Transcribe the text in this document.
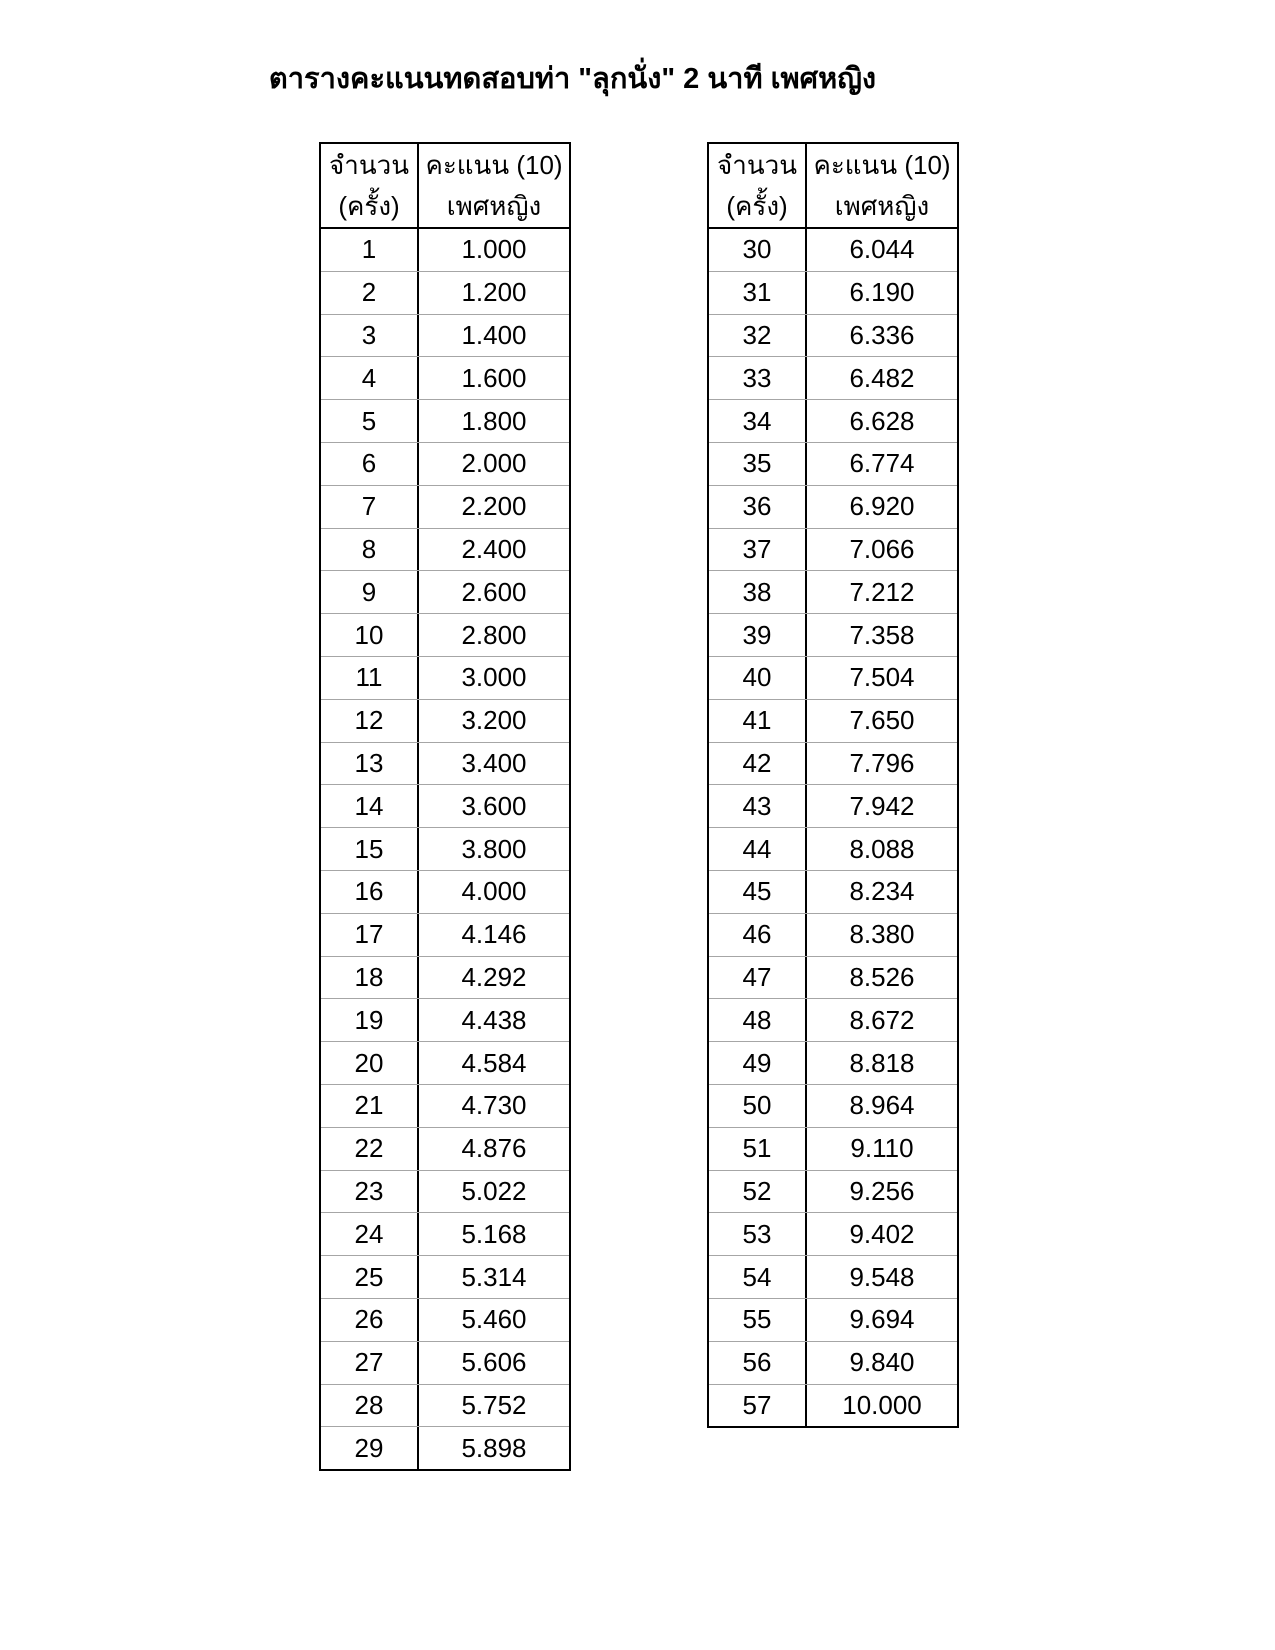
ตารางคะแนนทดสอบท่า "ลุกนั่ง" 2 นาที เพศหญิง
จำนวน
(ครั้ง)
คะแนน (10)
เพศหญิง
1	1.000
2	1.200
3	1.400
4	1.600
5	1.800
6	2.000
7	2.200
8	2.400
9	2.600
10	2.800
11	3.000
12	3.200
13	3.400
14	3.600
15	3.800
16	4.000
17	4.146
18	4.292
19	4.438
20	4.584
21	4.730
22	4.876
23	5.022
24	5.168
25	5.314
26	5.460
27	5.606
28	5.752
29	5.898
จำนวน
(ครั้ง)
คะแนน (10)
เพศหญิง
30	6.044
31	6.190
32	6.336
33	6.482
34	6.628
35	6.774
36	6.920
37	7.066
38	7.212
39	7.358
40	7.504
41	7.650
42	7.796
43	7.942
44	8.088
45	8.234
46	8.380
47	8.526
48	8.672
49	8.818
50	8.964
51	9.110
52	9.256
53	9.402
54	9.548
55	9.694
56	9.840
57	10.000
